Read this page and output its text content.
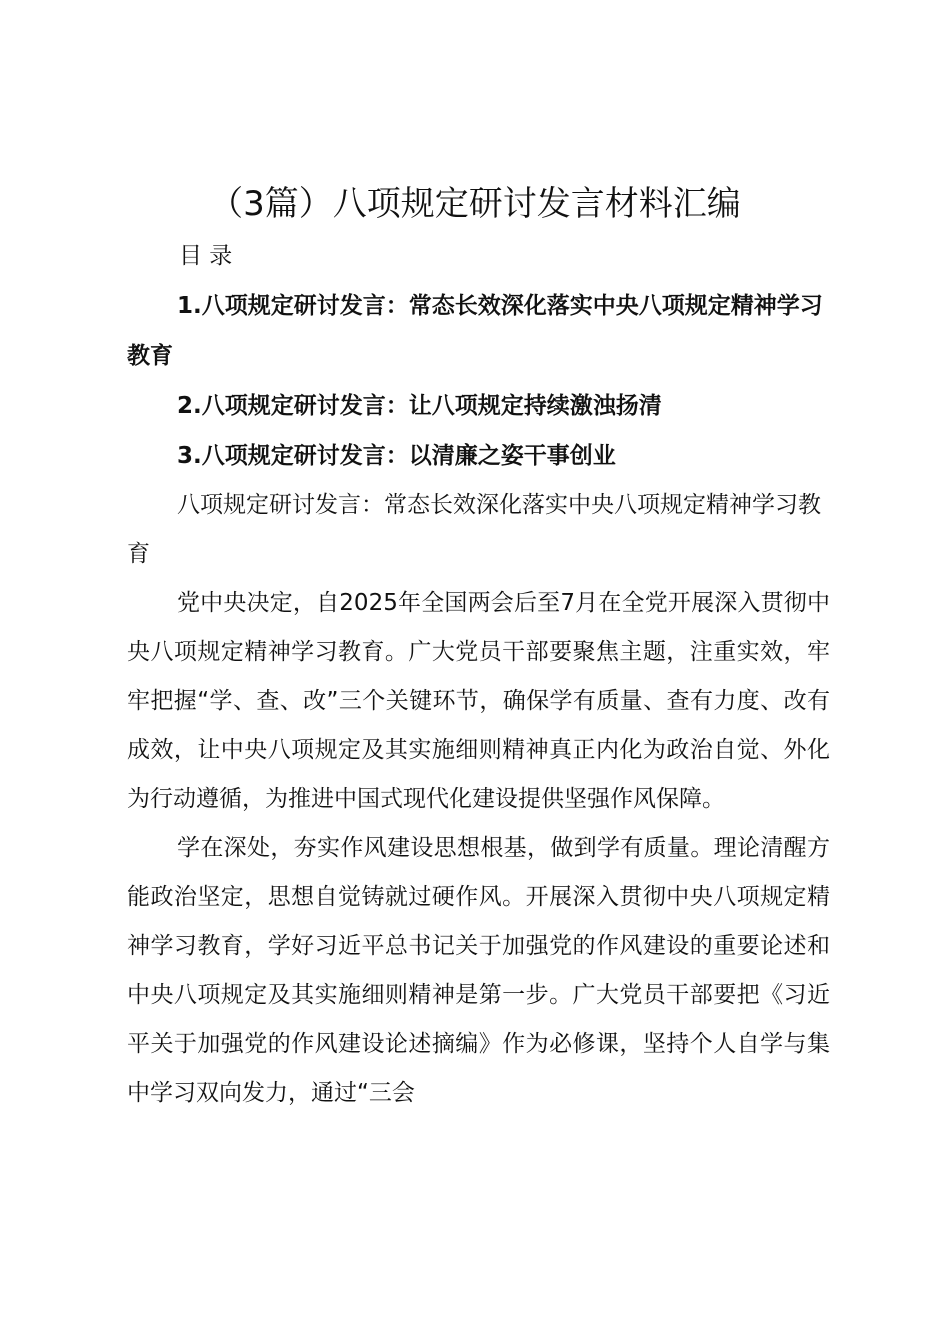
（3篇）八项规定研讨发言材料汇编

目 录

1.八项规定研讨发言：常态长效深化落实中央八项规定精神学习教育

2.八项规定研讨发言：让八项规定持续激浊扬清

3.八项规定研讨发言：以清廉之姿干事创业

八项规定研讨发言：常态长效深化落实中央八项规定精神学习教育

党中央决定，自2025年全国两会后至7月在全党开展深入贯彻中央八项规定精神学习教育。广大党员干部要聚焦主题，注重实效，牢牢把握“学、查、改”三个关键环节，确保学有质量、查有力度、改有成效，让中央八项规定及其实施细则精神真正内化为政治自觉、外化为行动遵循，为推进中国式现代化建设提供坚强作风保障。

学在深处，夯实作风建设思想根基，做到学有质量。理论清醒方能政治坚定，思想自觉铸就过硬作风。开展深入贯彻中央八项规定精神学习教育，学好习近平总书记关于加强党的作风建设的重要论述和中央八项规定及其实施细则精神是第一步。广大党员干部要把《习近平关于加强党的作风建设论述摘编》作为必修课，坚持个人自学与集中学习双向发力，通过“三会
